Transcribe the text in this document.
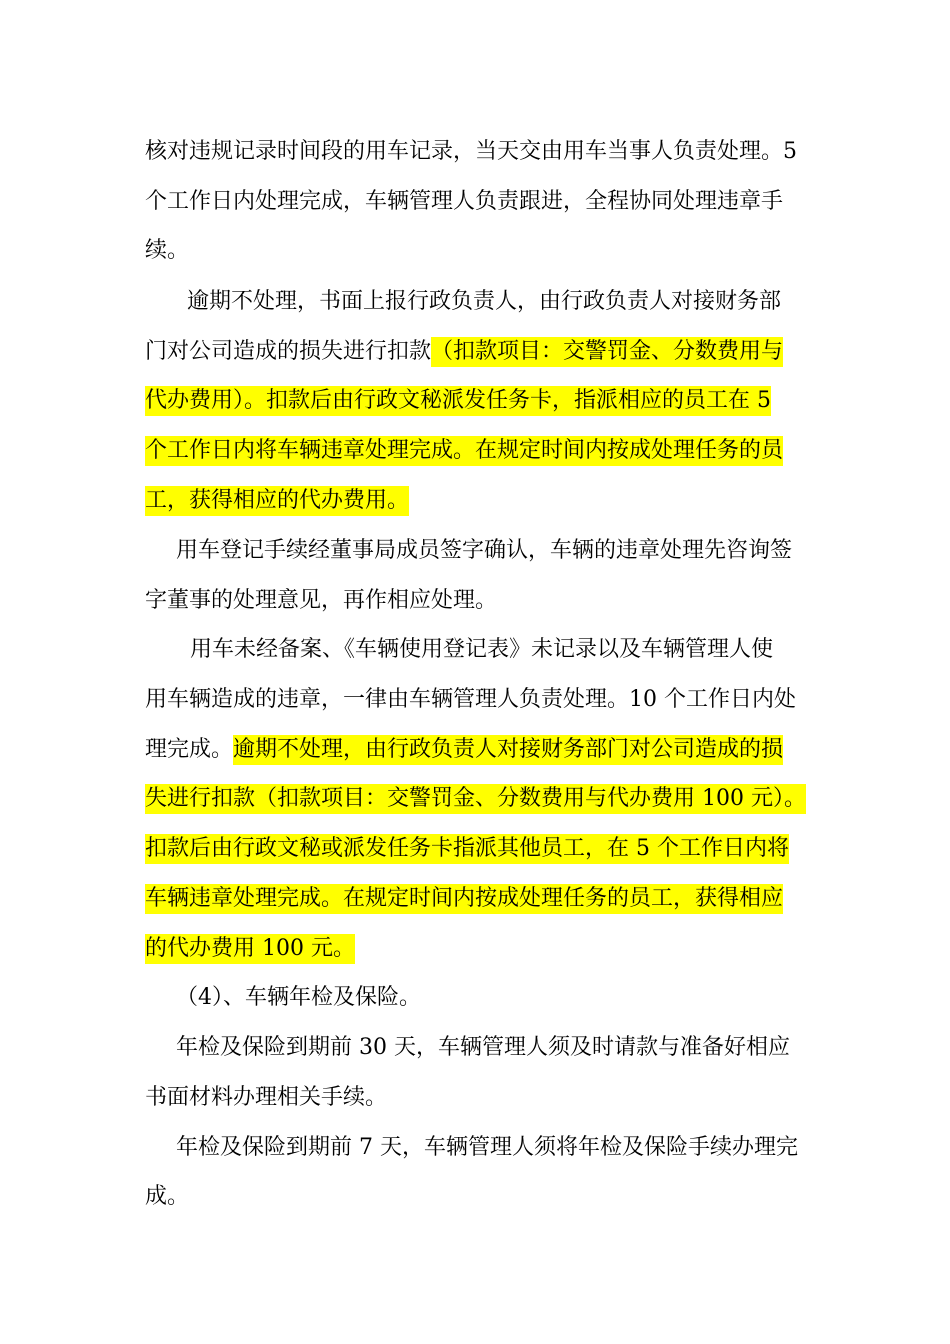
核对违规记录时间段的用车记录，当天交由用车当事人负责处理。5
个工作日内处理完成，车辆管理人负责跟进，全程协同处理违章手
续。
逾期不处理，书面上报行政负责人，由行政负责人对接财务部
门对公司造成的损失进行扣款（扣款项目：交警罚金、分数费用与
代办费用）。扣款后由行政文秘派发任务卡，指派相应的员工在 5
个工作日内将车辆违章处理完成。在规定时间内按成处理任务的员
工，获得相应的代办费用。
用车登记手续经董事局成员签字确认，车辆的违章处理先咨询签
字董事的处理意见，再作相应处理。
用车未经备案、《车辆使用登记表》未记录以及车辆管理人使
用车辆造成的违章，一律由车辆管理人负责处理。10 个工作日内处
理完成。逾期不处理，由行政负责人对接财务部门对公司造成的损
失进行扣款（扣款项目：交警罚金、分数费用与代办费用 100 元）。
扣款后由行政文秘或派发任务卡指派其他员工，在 5 个工作日内将
车辆违章处理完成。在规定时间内按成处理任务的员工，获得相应
的代办费用 100 元。
（4）、车辆年检及保险。
年检及保险到期前 30 天，车辆管理人须及时请款与准备好相应
书面材料办理相关手续。
年检及保险到期前 7 天，车辆管理人须将年检及保险手续办理完
成。
